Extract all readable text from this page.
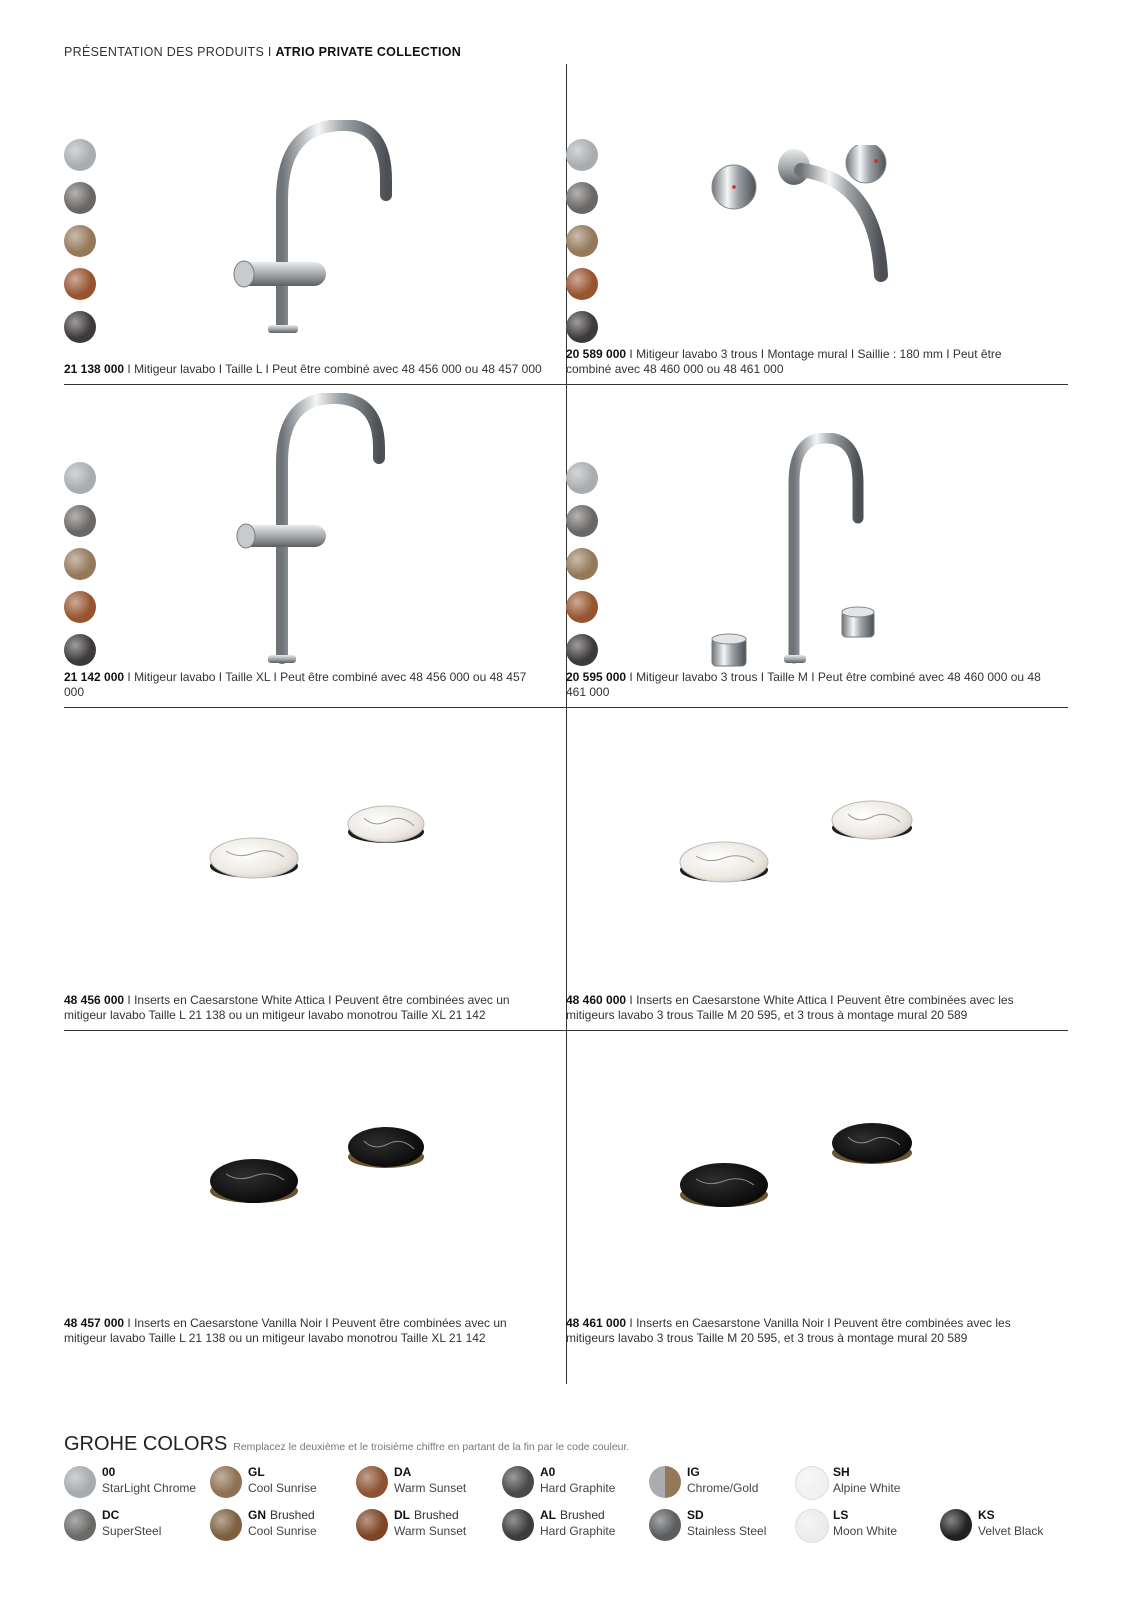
PRÉSENTATION DES PRODUITS I ATRIO PRIVATE COLLECTION
21 138 000 I Mitigeur lavabo I Taille L I Peut être combiné avec 48 456 000 ou 48 457 000
20 589 000 I Mitigeur lavabo 3 trous I Montage mural I Saillie : 180 mm I Peut être combiné avec 48 460 000 ou 48 461 000
21 142 000 I Mitigeur lavabo I Taille XL I Peut être combiné avec 48 456 000 ou 48 457 000
20 595 000 I Mitigeur lavabo 3 trous I Taille M I Peut être combiné avec 48 460 000 ou 48 461 000
48 456 000 I Inserts en Caesarstone White Attica I Peuvent être combinées avec un mitigeur lavabo Taille L 21 138 ou un mitigeur lavabo monotrou Taille XL 21 142
48 460 000 I Inserts en Caesarstone White Attica I Peuvent être combinées avec les mitigeurs lavabo 3 trous Taille M 20 595, et 3 trous à montage mural 20 589
48 457 000 I Inserts en Caesarstone Vanilla Noir I Peuvent être combinées avec un mitigeur lavabo Taille L 21 138 ou un mitigeur lavabo monotrou Taille XL 21 142
48 461 000 I Inserts en Caesarstone Vanilla Noir I Peuvent être combinées avec les mitigeurs lavabo 3 trous Taille M 20 595, et 3 trous à montage mural 20 589
GROHE COLORS Remplacez le deuxième et le troisième chiffre en partant de la fin par le code couleur.
00
StarLight Chrome
GL
Cool Sunrise
DA
Warm Sunset
A0
Hard Graphite
IG
Chrome/Gold
SH
Alpine White
DC
SuperSteel
GN Brushed
Cool Sunrise
DL Brushed
Warm Sunset
AL Brushed
Hard Graphite
SD
Stainless Steel
LS
Moon White
KS
Velvet Black
